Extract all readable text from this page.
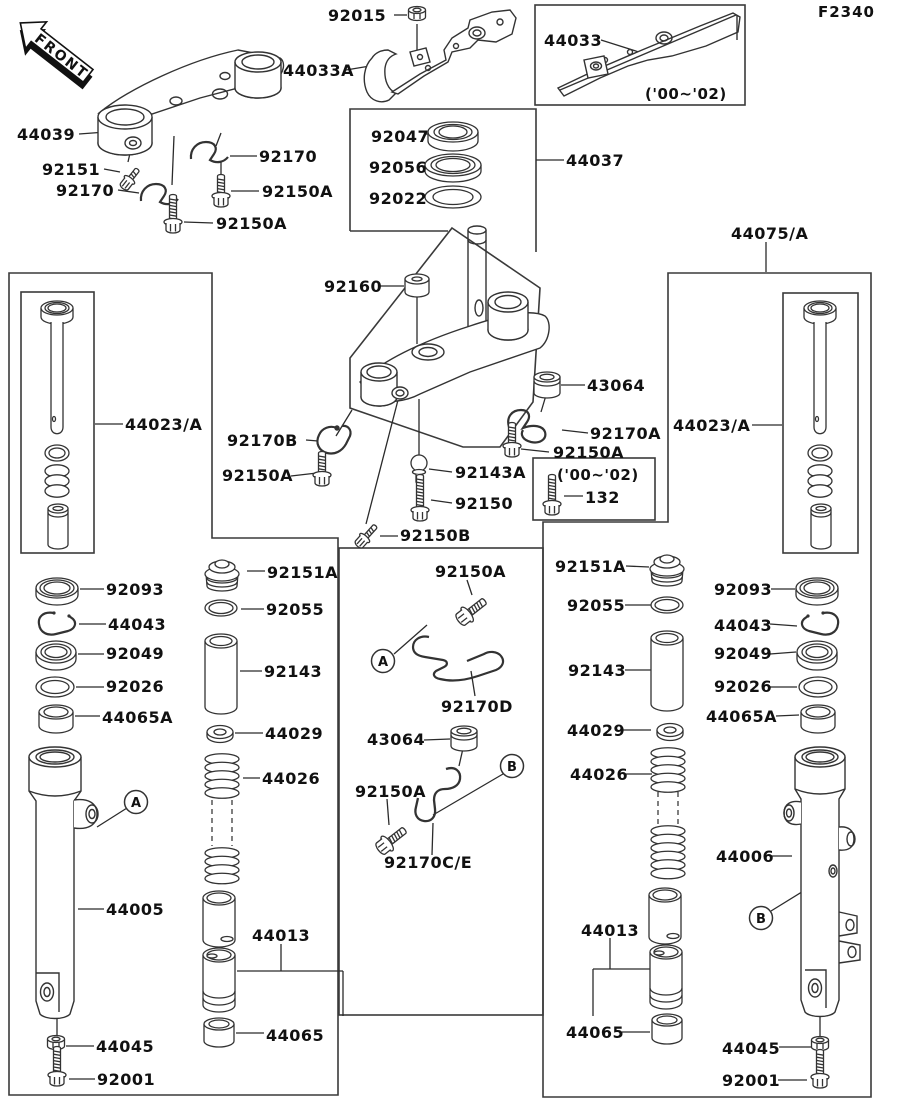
FRONT
F2340
A
B
A
B
92015
44033A
44033
('00~'02)
44039
92151
92170
92170
92150A
92150A
92047
92056
92022
44037
44075/A
92160
43064
92170A
92150A
('00~'02)
132
92143A
92150
92150B
92170B
92150A
44023/A	44023/A
92151A
92055
92143
44029
44026
92150A
92170D
43064
92150A
92170C/E
92151A
92055
92143
44029
44026
92093
44043
92049
92026
44065A
92093
44043
92049
92026
44065A
44005
44013
44065
44045
92001
44006
44013
44065
44045
92001
